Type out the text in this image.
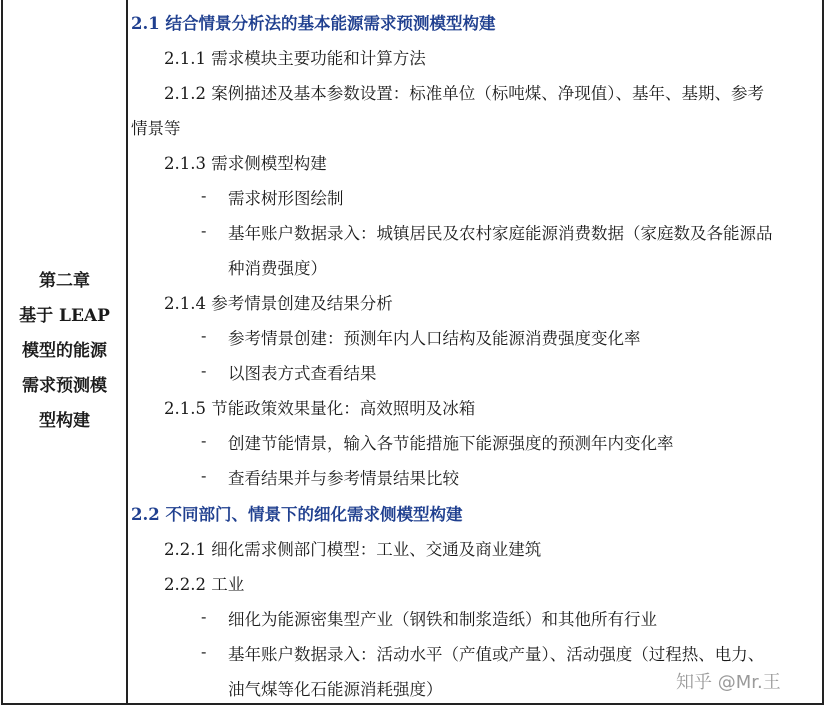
第二章
基于 LEAP
模型的能源
需求预测模
型构建
2.1 结合情景分析法的基本能源需求预测模型构建
2.1.1 需求模块主要功能和计算方法
2.1.2 案例描述及基本参数设置：标准单位（标吨煤、净现值）、基年、基期、参考
情景等
2.1.3 需求侧模型构建
- 需求树形图绘制
- 基年账户数据录入：城镇居民及农村家庭能源消费数据（家庭数及各能源品
种消费强度）
2.1.4 参考情景创建及结果分析
- 参考情景创建：预测年内人口结构及能源消费强度变化率
- 以图表方式查看结果
2.1.5 节能政策效果量化：高效照明及冰箱
- 创建节能情景，输入各节能措施下能源强度的预测年内变化率
- 查看结果并与参考情景结果比较
2.2 不同部门、情景下的细化需求侧模型构建
2.2.1 细化需求侧部门模型：工业、交通及商业建筑
2.2.2 工业
- 细化为能源密集型产业（钢铁和制浆造纸）和其他所有行业
- 基年账户数据录入：活动水平（产值或产量）、活动强度（过程热、电力、
油气煤等化石能源消耗强度）	知乎 @Mr.王
